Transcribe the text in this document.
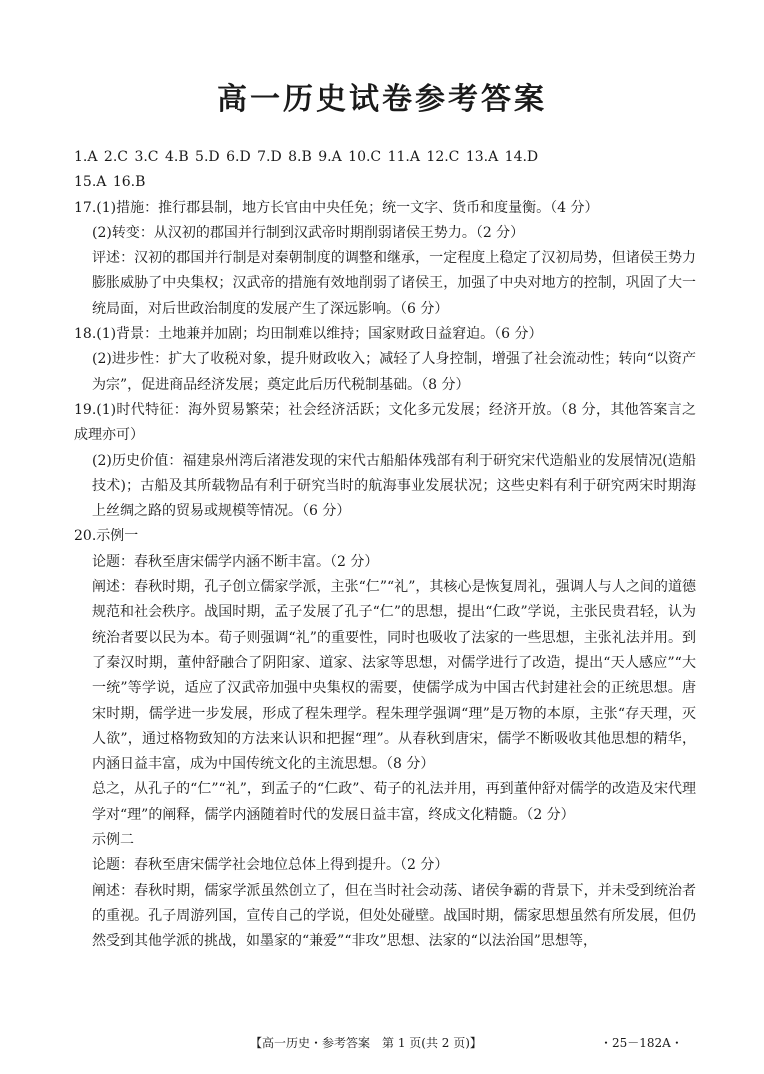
高一历史试卷参考答案

1.A 2.C 3.C 4.B 5.D 6.D 7.D 8.B 9.A 10.C 11.A 12.C 13.A 14.D

15.A 16.B

17.(1)措施：推行郡县制，地方长官由中央任免；统一文字、货币和度量衡。（4 分）

(2)转变：从汉初的郡国并行制到汉武帝时期削弱诸侯王势力。（2 分）

评述：汉初的郡国并行制是对秦朝制度的调整和继承，一定程度上稳定了汉初局势，但诸侯王势力膨胀威胁了中央集权；汉武帝的措施有效地削弱了诸侯王，加强了中央对地方的控制，巩固了大一统局面，对后世政治制度的发展产生了深远影响。（6 分）

18.(1)背景：土地兼并加剧；均田制难以维持；国家财政日益窘迫。（6 分）

(2)进步性：扩大了收税对象，提升财政收入；减轻了人身控制，增强了社会流动性；转向“以资产为宗”，促进商品经济发展；奠定此后历代税制基础。（8 分）

19.(1)时代特征：海外贸易繁荣；社会经济活跃；文化多元发展；经济开放。（8 分，其他答案言之成理亦可）

(2)历史价值：福建泉州湾后渚港发现的宋代古船船体残部有利于研究宋代造船业的发展情况(造船技术)；古船及其所载物品有利于研究当时的航海事业发展状况；这些史料有利于研究两宋时期海上丝绸之路的贸易或规模等情况。（6 分）

20.示例一

论题：春秋至唐宋儒学内涵不断丰富。（2 分）

阐述：春秋时期，孔子创立儒家学派，主张“仁”“礼”，其核心是恢复周礼，强调人与人之间的道德规范和社会秩序。战国时期，孟子发展了孔子“仁”的思想，提出“仁政”学说，主张民贵君轻，认为统治者要以民为本。荀子则强调“礼”的重要性，同时也吸收了法家的一些思想，主张礼法并用。到了秦汉时期，董仲舒融合了阴阳家、道家、法家等思想，对儒学进行了改造，提出“天人感应”“大一统”等学说，适应了汉武帝加强中央集权的需要，使儒学成为中国古代封建社会的正统思想。唐宋时期，儒学进一步发展，形成了程朱理学。程朱理学强调“理”是万物的本原，主张“存天理，灭人欲”，通过格物致知的方法来认识和把握“理”。从春秋到唐宋，儒学不断吸收其他思想的精华，内涵日益丰富，成为中国传统文化的主流思想。（8 分）

总之，从孔子的“仁”“礼”，到孟子的“仁政”、荀子的礼法并用，再到董仲舒对儒学的改造及宋代理学对“理”的阐释，儒学内涵随着时代的发展日益丰富，终成文化精髓。（2 分）

示例二

论题：春秋至唐宋儒学社会地位总体上得到提升。（2 分）

阐述：春秋时期，儒家学派虽然创立了，但在当时社会动荡、诸侯争霸的背景下，并未受到统治者的重视。孔子周游列国，宣传自己的学说，但处处碰壁。战国时期，儒家思想虽然有所发展，但仍然受到其他学派的挑战，如墨家的“兼爱”“非攻”思想、法家的“以法治国”思想等，

【高一历史・参考答案　第 1 页(共 2 页)】	・25－182A・
